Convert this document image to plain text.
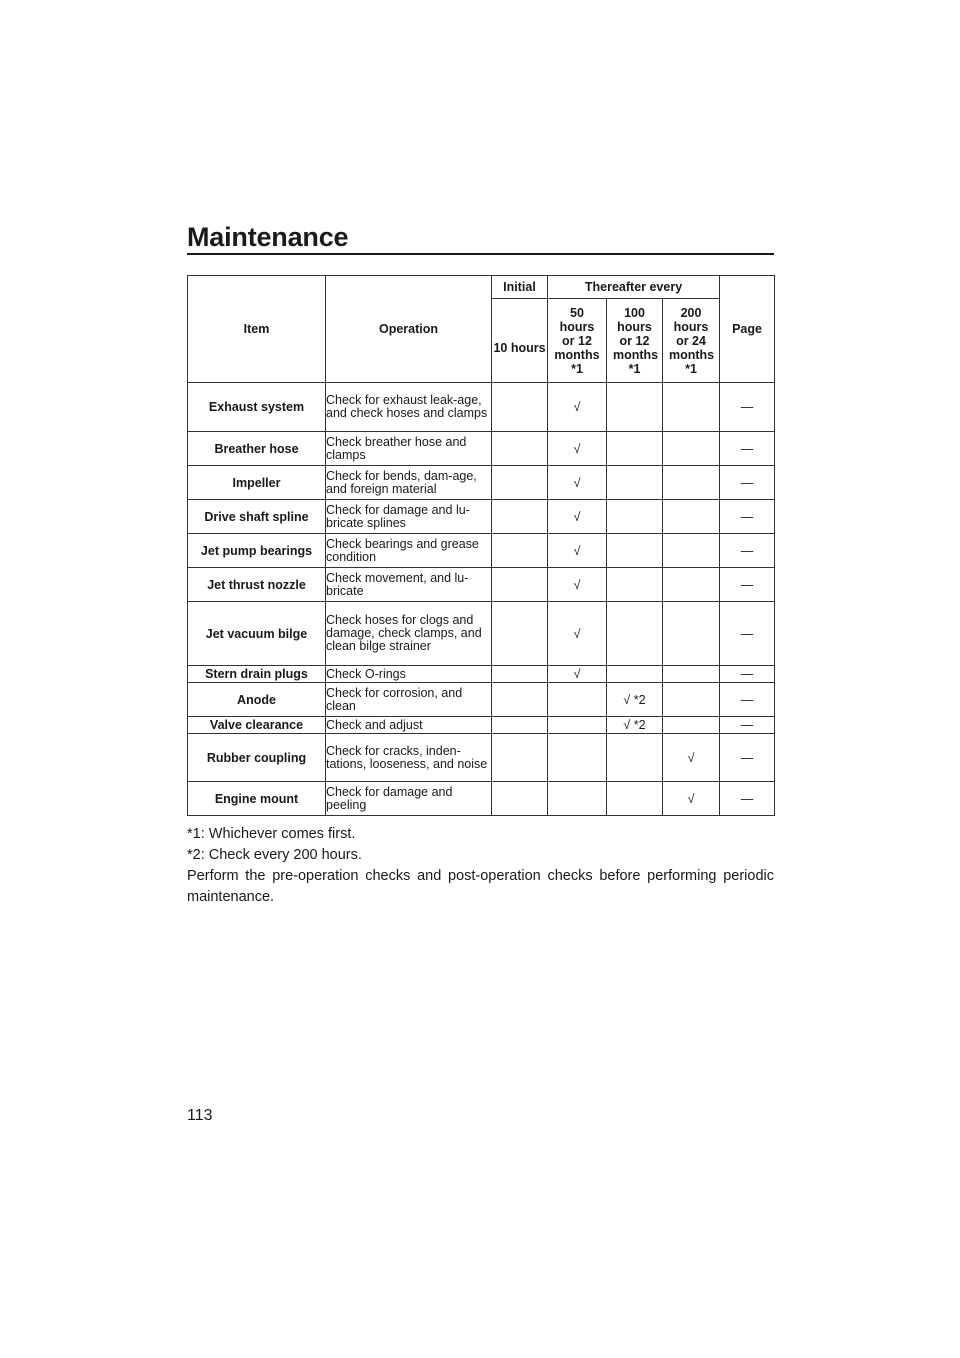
Maintenance
Item	Operation	Initial	Thereafter every			Page
		10 hours	50 hours or 12 months *1	100 hours or 12 months *1	200 hours or 24 months *1	
Exhaust system	Check for exhaust leak-age, and check hoses and clamps		√			—
Breather hose	Check breather hose and clamps		√			—
Impeller	Check for bends, dam-age, and foreign material		√			—
Drive shaft spline	Check for damage and lu-bricate splines		√			—
Jet pump bearings	Check bearings and grease condition		√			—
Jet thrust nozzle	Check movement, and lu-bricate		√			—
Jet vacuum bilge	Check hoses for clogs and damage, check clamps, and clean bilge strainer		√			—
Stern drain plugs	Check O-rings		√			—
Anode	Check for corrosion, and clean			√ *2		—
Valve clearance	Check and adjust			√ *2		—
Rubber coupling	Check for cracks, inden-tations, looseness, and noise				√	—
Engine mount	Check for damage and peeling				√	—

*1: Whichever comes first.

*2: Check every 200 hours.

Perform the pre-operation checks and post-operation checks before performing periodic maintenance.

113
